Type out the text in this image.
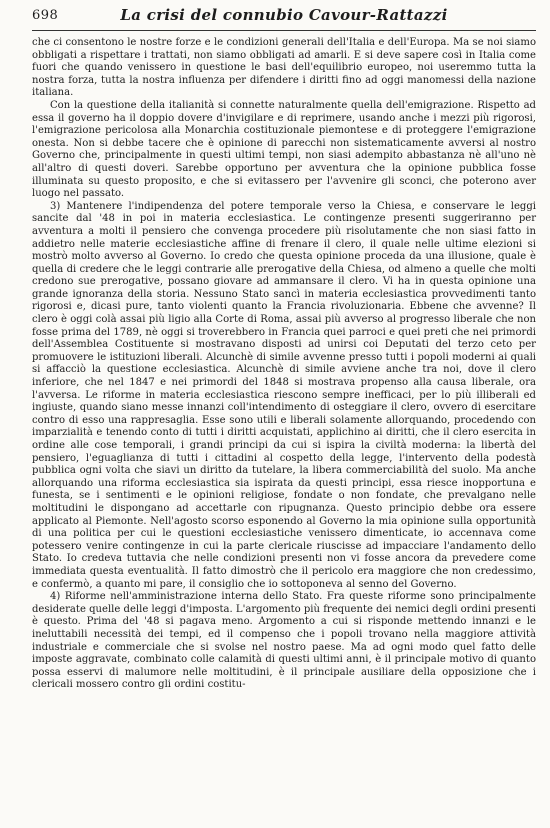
698	La crisi del connubio Cavour-Rattazzi

che ci consentono le nostre forze e le condizioni generali dell'Italia e dell'Europa. Ma se noi siamo obbligati a rispettare i trattati, non siamo obbligati ad amarli. E si deve sapere così in Italia come fuori che quando venissero in questione le basi dell'equilibrio europeo, noi useremmo tutta la nostra forza, tutta la nostra influenza per difendere i diritti fino ad oggi manomessi della nazione italiana.

Con la questione della italianità si connette naturalmente quella dell'emigrazione. Rispetto ad essa il governo ha il doppio dovere d'invigilare e di reprimere, usando anche i mezzi più rigorosi, l'emigrazione pericolosa alla Monarchia costituzionale piemontese e di proteggere l'emigrazione onesta. Non si debbe tacere che è opinione di parecchi non sistematicamente avversi al nostro Governo che, principalmente in questi ultimi tempi, non siasi adempito abbastanza nè all'uno nè all'altro di questi doveri. Sarebbe opportuno per avventura che la opinione pubblica fosse illuminata su questo proposito, e che si evitassero per l'avvenire gli sconci, che poterono aver luogo nel passato.

3) Mantenere l'indipendenza del potere temporale verso la Chiesa, e conservare le leggi sancite dal '48 in poi in materia ecclesiastica. Le contingenze presenti suggeriranno per avventura a molti il pensiero che convenga procedere più risolutamente che non siasi fatto in addietro nelle materie ecclesiastiche affine di frenare il clero, il quale nelle ultime elezioni si mostrò molto avverso al Governo. Io credo che questa opinione proceda da una illusione, quale è quella di credere che le leggi contrarie alle prerogative della Chiesa, od almeno a quelle che molti credono sue prerogative, possano giovare ad ammansare il clero. Vi ha in questa opinione una grande ignoranza della storia. Nessuno Stato sancì in materia ecclesiastica provvedimenti tanto rigorosi e, dicasi pure, tanto violenti quanto la Francia rivoluzionaria. Ebbene che avvenne? Il clero è oggi colà assai più ligio alla Corte di Roma, assai più avverso al progresso liberale che non fosse prima del 1789, nè oggi si troverebbero in Francia quei parroci e quei preti che nei primordi dell'Assemblea Costituente si mostravano disposti ad unirsi coi Deputati del terzo ceto per promuovere le istituzioni liberali. Alcunchè di simile avvenne presso tutti i popoli moderni ai quali si affacciò la questione ecclesiastica. Alcunchè di simile avviene anche tra noi, dove il clero inferiore, che nel 1847 e nei primordi del 1848 si mostrava propenso alla causa liberale, ora l'avversa. Le riforme in materia ecclesiastica riescono sempre inefficaci, per lo più illiberali ed ingiuste, quando siano messe innanzi coll'intendimento di osteggiare il clero, ovvero di esercitare contro di esso una rappresaglia. Esse sono utili e liberali solamente allorquando, procedendo con imparzialità e tenendo conto di tutti i diritti acquistati, applichino ai diritti, che il clero esercita in ordine alle cose temporali, i grandi principi da cui si ispira la civiltà moderna: la libertà del pensiero, l'eguaglianza di tutti i cittadini al cospetto della legge, l'intervento della podestà pubblica ogni volta che siavi un diritto da tutelare, la libera commerciabilità del suolo. Ma anche allorquando una riforma ecclesiastica sia ispirata da questi principi, essa riesce inopportuna e funesta, se i sentimenti e le opinioni religiose, fondate o non fondate, che prevalgano nelle moltitudini le dispongano ad accettarle con ripugnanza. Questo principio debbe ora essere applicato al Piemonte. Nell'agosto scorso esponendo al Governo la mia opinione sulla opportunità di una politica per cui le questioni ecclesiastiche venissero dimenticate, io accennava come potessero venire contingenze in cui la parte clericale riuscisse ad impacciare l'andamento dello Stato. Io credeva tuttavia che nelle condizioni presenti non vi fosse ancora da prevedere come immediata questa eventualità. Il fatto dimostrò che il pericolo era maggiore che non credessimo, e confermò, a quanto mi pare, il consiglio che io sottoponeva al senno del Governo.

4) Riforme nell'amministrazione interna dello Stato. Fra queste riforme sono principalmente desiderate quelle delle leggi d'imposta. L'argomento più frequente dei nemici degli ordini presenti è questo. Prima del '48 si pagava meno. Argomento a cui si risponde mettendo innanzi e le ineluttabili necessità dei tempi, ed il compenso che i popoli trovano nella maggiore attività industriale e commerciale che si svolse nel nostro paese. Ma ad ogni modo quel fatto delle imposte aggravate, combinato colle calamità di questi ultimi anni, è il principale motivo di quanto possa esservi di malumore nelle moltitudini, è il principale ausiliare della opposizione che i clericali mossero contro gli ordini costitu-
